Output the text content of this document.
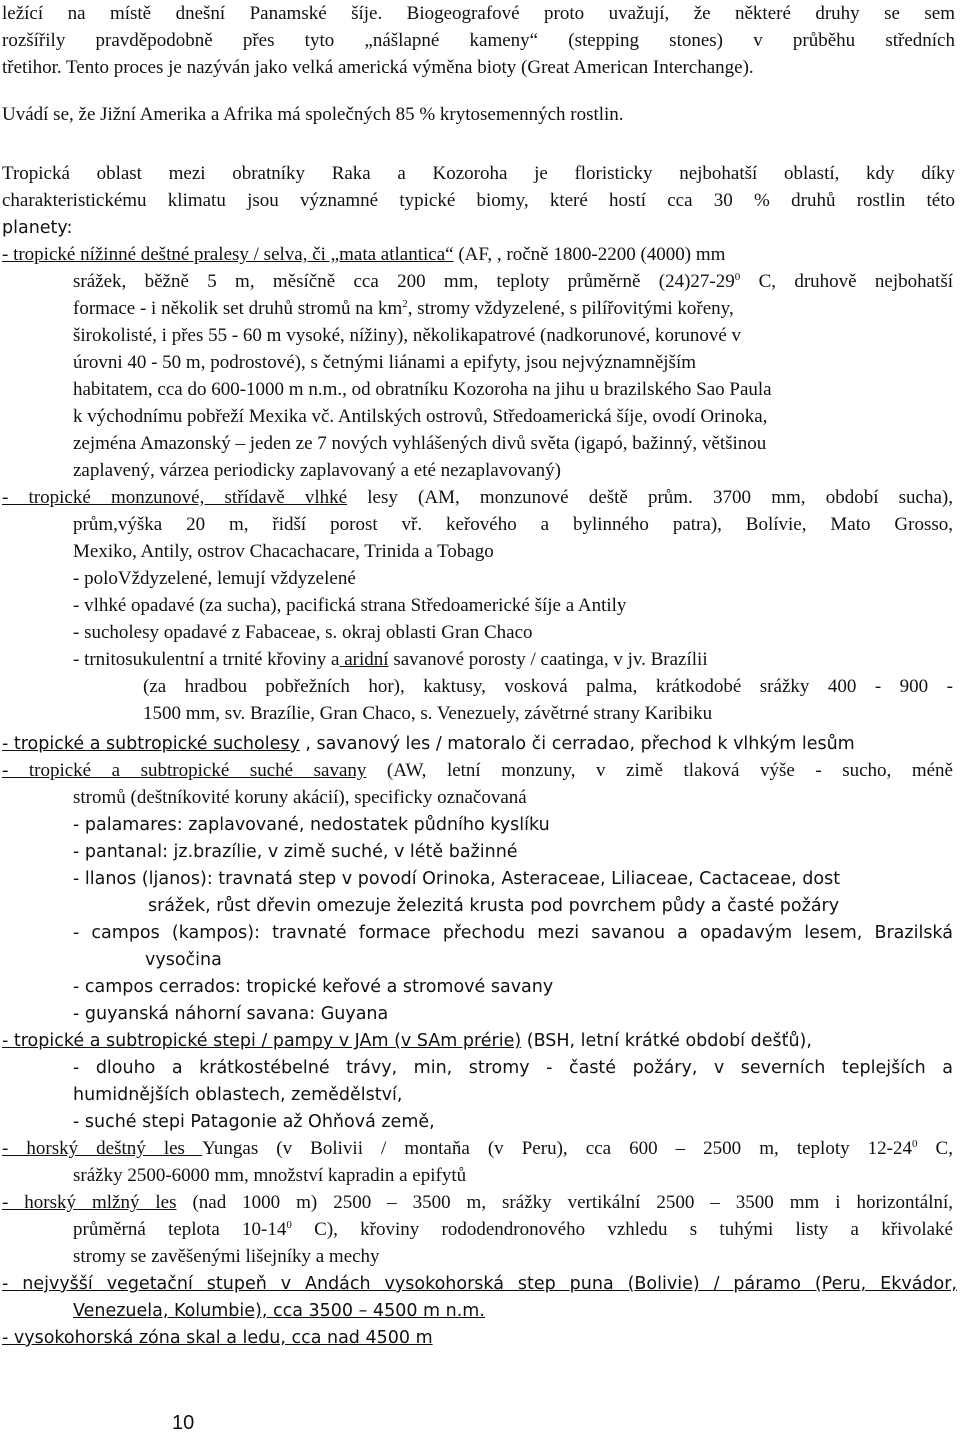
ležící na místě dnešní Panamské šíje. Biogeografové proto uvažují, že některé druhy se sem
rozšířily pravděpodobně přes tyto „nášlapné kameny“ (stepping stones) v průběhu středních
třetihor. Tento proces je nazýván jako velká americká výměna bioty (Great American Interchange).
Uvádí se, že Jižní Amerika a Afrika má společných 85 % krytosemenných rostlin.
Tropická oblast mezi obratníky Raka a Kozoroha je floristicky nejbohatší oblastí, kdy díky
charakteristickému klimatu jsou významné typické biomy, které hostí cca 30 % druhů rostlin této
planety:
- tropické nížinné deštné pralesy / selva, či „mata atlantica“ (AF, , ročně 1800-2200 (4000) mm
srážek, běžně 5 m, měsíčně cca 200 mm, teploty průměrně $(24)27-29^0$ C, druhově nejbohatší
formace - i několik set druhů stromů na $km^2$, stromy vždyzelené, s pilířovitými kořeny,
širokolisté, i přes 55 - 60 m vysoké, nížiny), několikapatrové (nadkorunové, korunové v
úrovni 40 - 50 m, podrostové), s četnými liánami a epifyty, jsou nejvýznamnějším
habitatem, cca do 600-1000 m n.m., od obratníku Kozoroha na jihu u brazilského Sao Paula
k východnímu pobřeží Mexika vč. Antilských ostrovů, Středoamerická šíje, ovodí Orinoka,
zejména Amazonský – jeden ze 7 nových vyhlášených divů světa (igapó, bažinný, většinou
zaplavený, várzea periodicky zaplavovaný a eté nezaplavovaný)
- tropické monzunové, střídavě vlhké lesy (AM, monzunové deště prům. 3700 mm, období sucha),
prům,výška 20 m, řidší porost vř. keřového a bylinného patra), Bolívie, Mato Grosso,
Mexiko, Antily, ostrov Chacachacare, Trinida a Tobago
- poloVždyzelené, lemují vždyzelené
- vlhké opadavé (za sucha), pacifická strana Středoamerické šíje a Antily
- sucholesy opadavé z Fabaceae, s. okraj oblasti Gran Chaco
- trnitosukulentní a trnité křoviny a aridní savanové porosty / caatinga, v jv. Brazílii
(za hradbou pobřežních hor), kaktusy, vosková palma, krátkodobé srážky 400 - 900 -
1500 mm, sv. Brazílie, Gran Chaco, s. Venezuely, závětrné strany Karibiku
- tropické a subtropické sucholesy , savanový les / matoralo či cerradao, přechod k vlhkým lesům
- tropické a subtropické suché savany (AW, letní monzuny, v zimě tlaková výše - sucho, méně
stromů (deštníkovité koruny akácií), specificky označovaná
- palamares: zaplavované, nedostatek půdního kyslíku
- pantanal: jz.brazílie, v zimě suché, v létě bažinné
- llanos (ljanos): travnatá step v povodí Orinoka, Asteraceae, Liliaceae, Cactaceae, dost
srážek, růst dřevin omezuje železitá krusta pod povrchem půdy a časté požáry
- campos (kampos): travnaté formace přechodu mezi savanou a opadavým lesem, Brazilská
vysočina
- campos cerrados: tropické keřové a stromové savany
- guyanská náhorní savana: Guyana
- tropické a subtropické stepi / pampy v JAm (v SAm prérie) (BSH, letní krátké období dešťů),
- dlouho a krátkostébelné trávy, min, stromy - časté požáry, v severních teplejších a
humidnějších oblastech, zemědělství,
- suché stepi Patagonie až Ohňová země,
- horský deštný les Yungas (v Bolivii / montaňa (v Peru), cca 600 – 2500 m, teploty $12-24^0$ C,
srážky 2500-6000 mm, množství kapradin a epifytů
- horský mlžný les (nad 1000 m) 2500 – 3500 m, srážky vertikální 2500 – 3500 mm i horizontální,
průměrná teplota $10-14^0$ C), křoviny rododendronového vzhledu s tuhými listy a křivolaké
stromy se zavěšenými lišejníky a mechy
- nejvyšší vegetační stupeň v Andách vysokohorská step puna (Bolivie) / páramo (Peru, Ekvádor,
Venezuela, Kolumbie), cca 3500 – 4500 m n.m.
- vysokohorská zóna skal a ledu, cca nad 4500 m
10
